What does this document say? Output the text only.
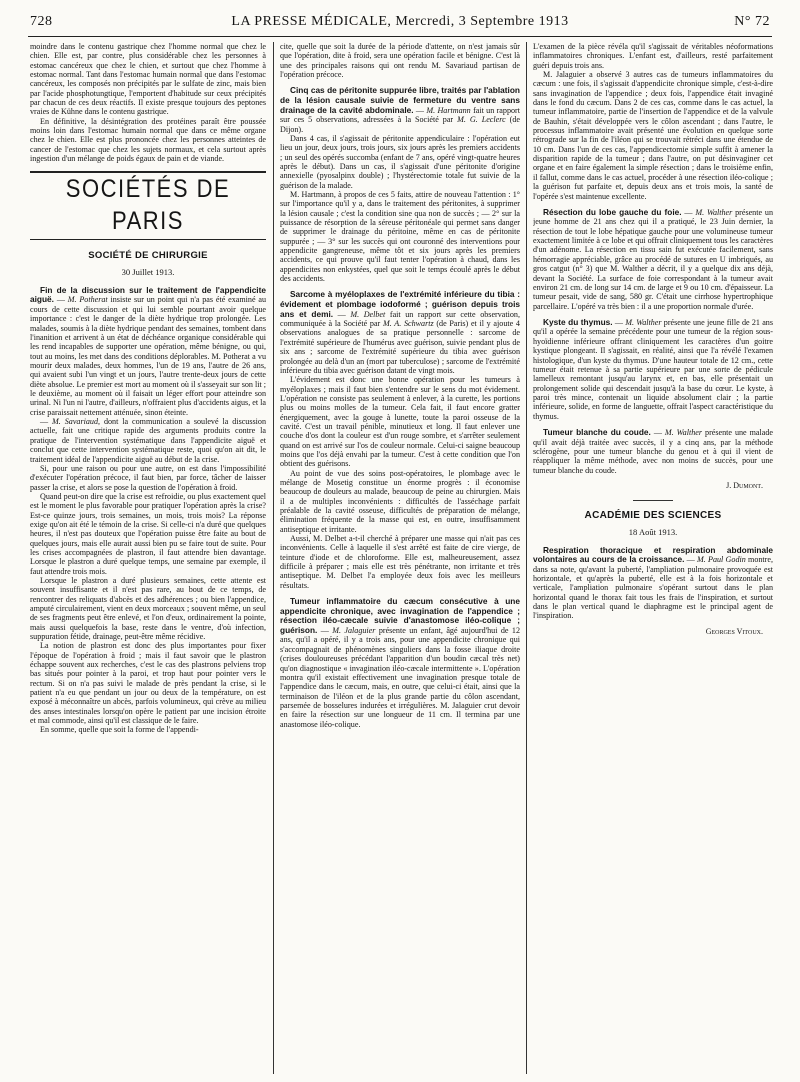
728	LA PRESSE MÉDICALE, Mercredi, 3 Septembre 1913	N° 72

moindre dans le contenu gastrique chez l'homme normal que chez le chien. Elle est, par contre, plus considérable chez les personnes à estomac cancéreux que chez le chien, et surtout que chez l'homme à estomac normal. Tant dans l'estomac humain normal que dans l'estomac cancéreux, les composés non précipités par le sulfate de zinc, mais bien par l'acide phosphotungtique, l'emportent d'habitude sur ceux précipités par chacun de ces deux réactifs. Il existe presque toujours des peptones vraies de Kühne dans le contenu gastrique.

En définitive, la désintégration des protéines paraît être poussée moins loin dans l'estomac humain normal que dans ce même organe chez le chien. Elle est plus prononcée chez les personnes atteintes de cancer de l'estomac que chez les sujets normaux, et cela surtout après ingestion d'un mélange de poids égaux de pain et de viande.

SOCIÉTÉS DE PARIS
SOCIÉTÉ DE CHIRURGIE
30 Juillet 1913.

Fin de la discussion sur le traitement de l'appendicite aiguë. — M. Potherat insiste sur un point qui n'a pas été examiné au cours de cette discussion et qui lui semble pourtant avoir quelque importance : c'est le danger de la diète hydrique trop prolongée. Les malades, soumis à la diète hydrique pendant des semaines, tombent dans l'inanition et arrivent à un état de déchéance organique considérable qui les rend incapables de supporter une opération, même bénigne, ou qui, tout au moins, les met dans des conditions déplorables. M. Potherat a vu mourir deux malades, deux hommes, l'un de 19 ans, l'autre de 26 ans, qui avaient subi l'un vingt et un jours, l'autre trente-deux jours de cette diète absolue. Le premier est mort au moment où il s'asseyait sur son lit ; le deuxième, au moment où il faisait un léger effort pour atteindre son urinal. Ni l'un ni l'autre, d'ailleurs, n'offraient plus d'accidents aigus, et la crise paraissait nettement atténuée, sinon éteinte.

— M. Savariaud, dont la communication a soulevé la discussion actuelle, fait une critique rapide des arguments produits contre la pratique de l'intervention systématique dans l'appendicite aiguë et conclut que cette intervention systématique reste, quoi qu'on ait dit, le traitement idéal de l'appendicite aiguë au début de la crise.

Si, pour une raison ou pour une autre, on est dans l'impossibilité d'exécuter l'opération précoce, il faut bien, par force, tâcher de laisser passer la crise, et alors se pose la question de l'opération à froid.

Quand peut-on dire que la crise est refroidie, ou plus exactement quel est le moment le plus favorable pour pratiquer l'opération après la crise? Est-ce quinze jours, trois semaines, un mois, trois mois? La réponse exige qu'on ait été le témoin de la crise. Si celle-ci n'a duré que quelques heures, il n'est pas douteux que l'opération puisse être faite au bout de quelques jours, mais elle aurait aussi bien pu se faire tout de suite. Pour les crises accompagnées de plastron, il faut attendre bien davantage. Lorsque le plastron a duré quelque temps, une semaine par exemple, il faut attendre trois mois.

Lorsque le plastron a duré plusieurs semaines, cette attente est souvent insuffisante et il n'est pas rare, au bout de ce temps, de rencontrer des reliquats d'abcès et des adhérences ; ou bien l'appendice, amputé circulairement, vient en deux morceaux ; souvent même, un seul de ses fragments peut être enlevé, et l'on d'eux, ordinairement la pointe, mais aussi quelquefois la base, reste dans le ventre, d'où infection, suppuration fétide, drainage, peut-être même récidive.

La notion de plastron est donc des plus importantes pour fixer l'époque de l'opération à froid ; mais il faut savoir que le plastron échappe souvent aux recherches, c'est le cas des plastrons pelviens trop bas situés pour pointer à la paroi, et trop haut pour pointer vers le rectum. Si on n'a pas suivi le malade de près pendant la crise, si le patient n'a eu que pendant un jour ou deux de la température, on est exposé à méconnaître un abcès, parfois volumineux, qui crève au milieu des anses intestinales lorsqu'on opère le patient par une incision étroite et mal commode, ainsi qu'il est classique de le faire.

En somme, quelle que soit la forme de l'appendi-

cite, quelle que soit la durée de la période d'attente, on n'est jamais sûr que l'opération, dite à froid, sera une opération facile et bénigne. C'est là une des principales raisons qui ont rendu M. Savariaud partisan de l'opération précoce.

Cinq cas de péritonite suppurée libre, traités par l'ablation de la lésion causale suivie de fermeture du ventre sans drainage de la cavité abdominale. — M. Hartmann fait un rapport sur ces 5 observations, adressées à la Société par M. G. Leclerc (de Dijon).

Dans 4 cas, il s'agissait de péritonite appendiculaire : l'opération eut lieu un jour, deux jours, trois jours, six jours après les premiers accidents ; un seul des opérés succomba (enfant de 7 ans, opéré vingt-quatre heures après le début). Dans un cas, il s'agissait d'une péritonite d'origine annexielle (pyosalpinx double) ; l'hystérectomie totale fut suivie de la guérison de la malade.

M. Hartmann, à propos de ces 5 faits, attire de nouveau l'attention : 1° sur l'importance qu'il y a, dans le traitement des péritonites, à supprimer la lésion causale ; c'est la condition sine qua non de succès ; — 2° sur la puissance de résorption de la séreuse péritonéale qui permet sans danger de supprimer le drainage du péritoine, même en cas de péritonite suppurée ; — 3° sur les succès qui ont couronné des interventions pour appendicite gangreneuse, même tôt et six jours après les premiers accidents, ce qui prouve qu'il faut tenter l'opération à chaud, dans les appendicites non enkystées, quel que soit le temps écoulé après le début des accidents.

Sarcome à myéloplaxes de l'extrémité inférieure du tibia : évidement et plombage iodoformé ; guérison depuis trois ans et demi. — M. Delbet fait un rapport sur cette observation, communiquée à la Société par M. A. Schwartz (de Paris) et il y ajoute 4 observations analogues de sa pratique personnelle : sarcome de l'extrémité supérieure de l'humérus avec guérison, suivie pendant plus de six ans ; sarcome de l'extrémité supérieure du tibia avec guérison prolongée au delà d'un an (mort par tuberculose) ; sarcome de l'extrémité inférieure du tibia avec guérison datant de vingt mois.

L'évidement est donc une bonne opération pour les tumeurs à myéloplaxes ; mais il faut bien s'entendre sur le sens du mot évidement. L'opération ne consiste pas seulement à enlever, à la curette, les portions plus ou moins molles de la tumeur. Cela fait, il faut encore gratter énergiquement, avec la gouge à lunette, toute la paroi osseuse de la cavité. C'est un travail pénible, minutieux et long. Il faut enlever une couche d'os dont la couleur est d'un rouge sombre, et s'arrêter seulement quand on est arrivé sur l'os de couleur normale. Celui-ci saigne beaucoup moins que l'os déjà envahi par la tumeur. C'est à cette condition que l'on obtient des guérisons.

Au point de vue des soins post-opératoires, le plombage avec le mélange de Mosetig constitue un énorme progrès : il économise beaucoup de douleurs au malade, beaucoup de peine au chirurgien. Mais il a de multiples inconvénients : difficultés de l'asséchage parfait préalable de la cavité osseuse, difficultés de préparation de mélange, élimination fréquente de la masse qui est, en outre, insuffisamment antiseptique et irritante.

Aussi, M. Delbet a-t-il cherché à préparer une masse qui n'ait pas ces inconvénients. Celle à laquelle il s'est arrêté est faite de cire vierge, de teinture d'iode et de chloroforme. Elle est, malheureusement, assez difficile à préparer ; mais elle est très pénétrante, non irritante et très antiseptique. M. Delbet l'a employée deux fois avec les meilleurs résultats.

Tumeur inflammatoire du cæcum consécutive à une appendicite chronique, avec invagination de l'appendice ; résection iléo-cæcale suivie d'anastomose iléo-colique ; guérison. — M. Jalaguier présente un enfant, âgé aujourd'hui de 12 ans, qu'il a opéré, il y a trois ans, pour une appendicite chronique qui s'accompagnait de phénomènes singuliers dans la fosse iliaque droite (crises douloureuses précédant l'apparition d'un boudin cæcal très net) qu'on diagnostique « invagination iléo-cæcale intermittente ». L'opération montra qu'il existait effectivement une invagination presque totale de l'appendice dans le cæcum, mais, en outre, que celui-ci était, ainsi que la terminaison de l'iléon et de la plus grande partie du côlon ascendant, parsemée de bosselures indurées et irrégulières. M. Jalaguier crut devoir en faire la résection sur une longueur de 11 cm. Il termina par une anastomose iléo-colique.

L'examen de la pièce révéla qu'il s'agissait de véritables néoformations inflammatoires chroniques. L'enfant est, d'ailleurs, resté parfaitement guéri depuis trois ans.

M. Jalaguier a observé 3 autres cas de tumeurs inflammatoires du cæcum : une fois, il s'agissait d'appendicite chronique simple, c'est-à-dire sans invagination de l'appendice ; deux fois, l'appendice était invaginé dans le fond du cæcum. Dans 2 de ces cas, comme dans le cas actuel, la tumeur inflammatoire, partie de l'insertion de l'appendice et de la valvule de Bauhin, s'était développée vers le côlon ascendant ; dans l'autre, le processus inflammatoire avait présenté une évolution en quelque sorte rétrograde sur la fin de l'iléon qui se trouvait rétréci dans une étendue de 10 cm. Dans l'un de ces cas, l'appendicectomie simple suffit à amener la disparition rapide de la tumeur ; dans l'autre, on put désinvaginer cet organe et en faire également la simple résection ; dans le troisième enfin, il fallut, comme dans le cas actuel, procéder à une résection iléo-colique ; la guérison fut parfaite et, depuis deux ans et trois mois, la santé de l'opérée s'est maintenue excellente.

Résection du lobe gauche du foie. — M. Walther présente un jeune homme de 21 ans chez qui il a pratiqué, le 23 Juin dernier, la résection de tout le lobe hépatique gauche pour une volumineuse tumeur exactement limitée à ce lobe et qui offrait cliniquement tous les caractères d'un adénome. La résection en tissu sain fut exécutée facilement, sans hémorragie appréciable, grâce au procédé de sutures en U imbriqués, au gros catgut (n° 3) que M. Walther a décrit, il y a quelque dix ans déjà, devant la Société. La surface de foie correspondant à la tumeur avait environ 21 cm. de long sur 14 cm. de large et 9 ou 10 cm. d'épaisseur. La tumeur pesait, vide de sang, 580 gr. C'était une cirrhose hypertrophique parcellaire. L'opéré va très bien : il a une proportion normale d'urée.

Kyste du thymus. — M. Walther présente une jeune fille de 21 ans qu'il a opérée la semaine précédente pour une tumeur de la région sous-hyoïdienne inférieure offrant cliniquement les caractères d'un goitre kystique plongeant. Il s'agissait, en réalité, ainsi que l'a révélé l'examen histologique, d'un kyste du thymus. D'une hauteur totale de 12 cm., cette tumeur était retenue à sa partie supérieure par une sorte de pédicule lamelleux remontant jusqu'au larynx et, en bas, elle présentait un prolongement solide qui descendait jusqu'à la base du cœur. Le kyste, à paroi très mince, contenait un liquide absolument clair ; la partie inférieure, solide, en forme de languette, offrait l'aspect caractéristique du thymus.

Tumeur blanche du coude. — M. Walther présente une malade qu'il avait déjà traitée avec succès, il y a cinq ans, par la méthode sclérogène, pour une tumeur blanche du genou et à qui il vient de réappliquer la même méthode, avec non moins de succès, pour une tumeur blanche du coude.

J. Dumont.
ACADÉMIE DES SCIENCES
18 Août 1913.

Respiration thoracique et respiration abdominale volontaires au cours de la croissance. — M. Paul Godin montre, dans sa note, qu'avant la puberté, l'ampliation pulmonaire provoquée est horizontale, et qu'après la puberté, elle est à la fois horizontale et verticale, l'ampliation pulmonaire s'opérant surtout dans le plan horizontal quand le thorax fait tous les frais de l'inspiration, et surtout dans le plan vertical quand le diaphragme est le principal agent de l'inspiration.

Georges Vitoux.
